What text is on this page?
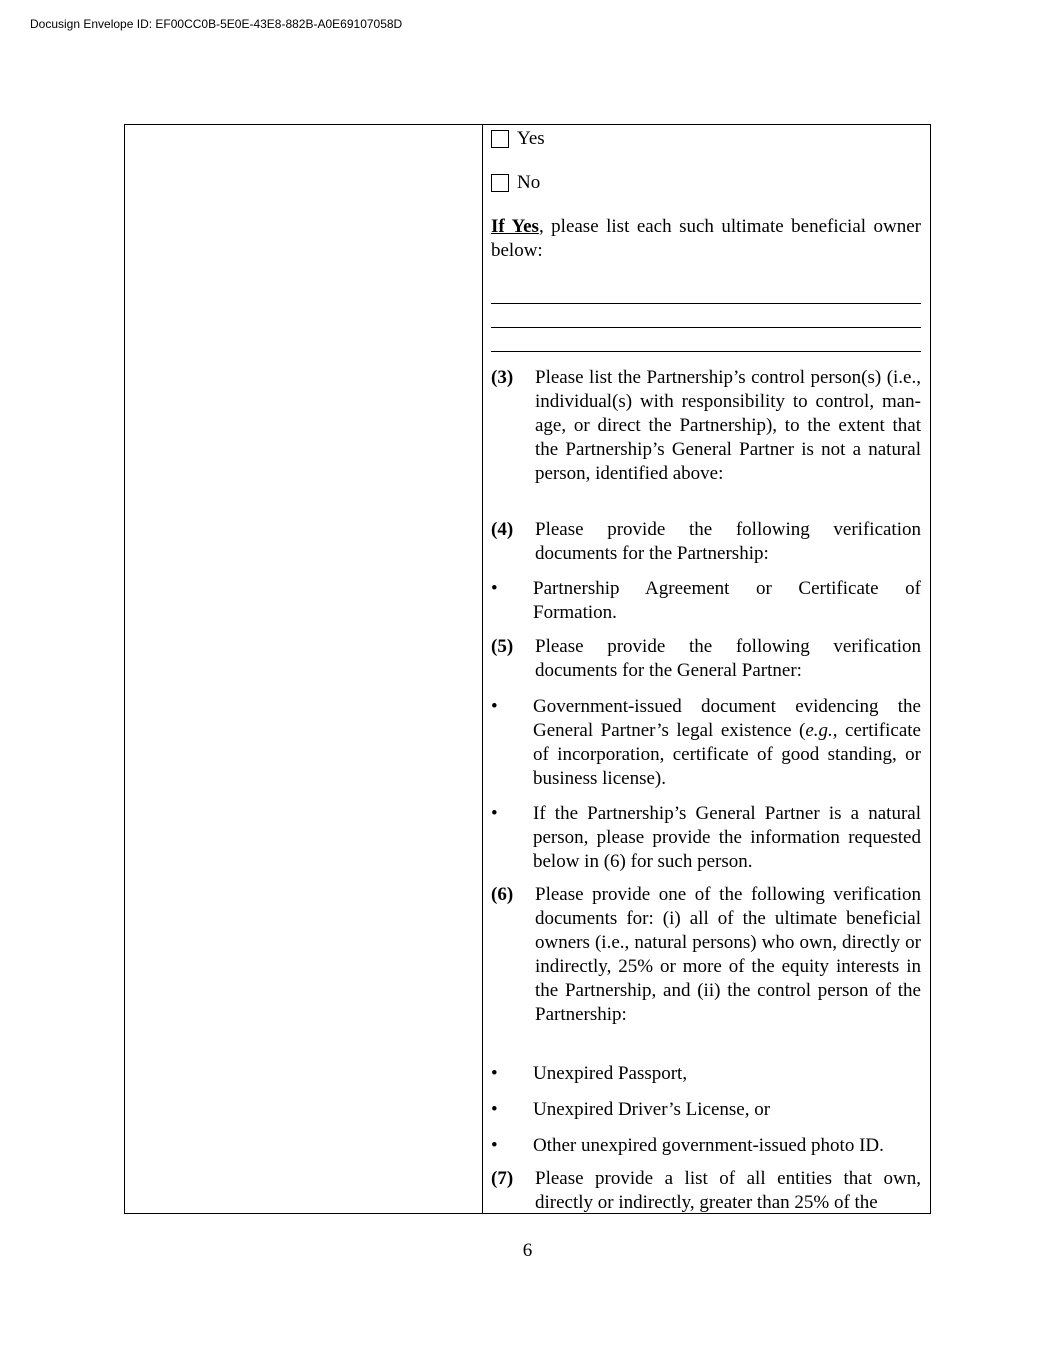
Docusign Envelope ID: EF00CC0B-5E0E-43E8-882B-A0E69107058D
Yes
No
If Yes, please list each such ultimate beneficial owner below:
(3)	Please list the Partnership’s control person(s) (i.e., individual(s) with responsibility to control, man-age, or direct the Partnership), to the extent that the Partnership’s General Partner is not a natural person, identified above:
(4)	Please provide the following verification documents for the Partnership:
•	Partnership Agreement or Certificate of Formation.
(5)	Please provide the following verification documents for the General Partner:
•	Government-issued document evidencing the General Partner’s legal existence (e.g., certificate of incorporation, certificate of good standing, or business license).
•	If the Partnership’s General Partner is a natural person, please provide the information requested below in (6) for such person.
(6)	Please provide one of the following verification documents for: (i) all of the ultimate beneficial owners (i.e., natural persons) who own, directly or indirectly, 25% or more of the equity interests in the Partnership, and (ii) the control person of the Partnership:
•	Unexpired Passport,
•	Unexpired Driver’s License, or
•	Other unexpired government-issued photo ID.
(7)	Please provide a list of all entities that own, directly or indirectly, greater than 25% of the
6
